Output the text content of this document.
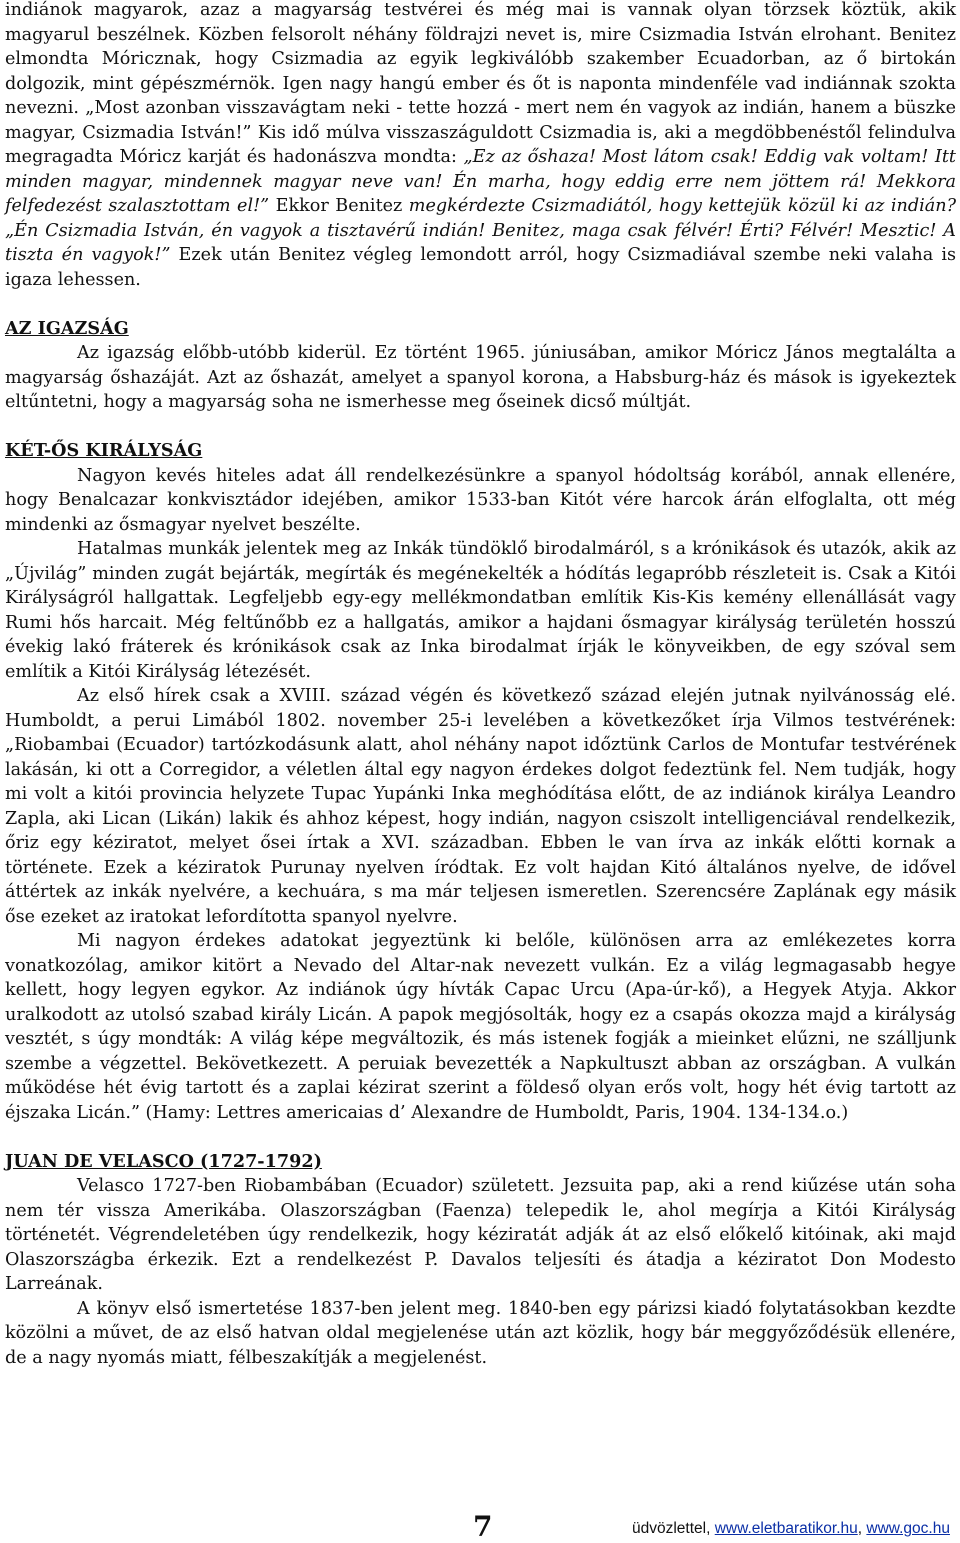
indiánok magyarok, azaz a magyarság testvérei és még mai is vannak olyan törzsek köztük, akik magyarul beszélnek. Közben felsorolt néhány földrajzi nevet is, mire Csizmadia István elrohant. Benitez elmondta Móricznak, hogy Csizmadia az egyik legkiválóbb szakember Ecuadorban, az ő birtokán dolgozik, mint gépészmérnök. Igen nagy hangú ember és őt is naponta mindenféle vad indiánnak szokta nevezni. „Most azonban visszavágtam neki - tette hozzá - mert nem én vagyok az indián, hanem a büszke magyar, Csizmadia István!” Kis idő múlva visszaszáguldott Csizmadia is, aki a megdöbbenéstől felindulva megragadta Móricz karját és hadonászva mondta: „Ez az őshaza! Most látom csak! Eddig vak voltam! Itt minden magyar, mindennek magyar neve van! Én marha, hogy eddig erre nem jöttem rá! Mekkora felfedezést szalasztottam el!” Ekkor Benitez megkérdezte Csizmadiától, hogy kettejük közül ki az indián? „Én Csizmadia István, én vagyok a tisztavérű indián! Benitez, maga csak félvér! Érti? Félvér! Mesztic! A tiszta én vagyok!” Ezek után Benitez végleg lemondott arról, hogy Csizmadiával szembe neki valaha is igaza lehessen.

AZ IGAZSÁG

Az igazság előbb-utóbb kiderül. Ez történt 1965. júniusában, amikor Móricz János megtalálta a magyarság őshazáját. Azt az őshazát, amelyet a spanyol korona, a Habsburg-ház és mások is igyekeztek eltűntetni, hogy a magyarság soha ne ismerhesse meg őseinek dicső múltját.

KÉT-ŐS KIRÁLYSÁG

Nagyon kevés hiteles adat áll rendelkezésünkre a spanyol hódoltság korából, annak ellenére, hogy Benalcazar konkvisztádor idejében, amikor 1533-ban Kitót vére harcok árán elfoglalta, ott még mindenki az ősmagyar nyelvet beszélte.

Hatalmas munkák jelentek meg az Inkák tündöklő birodalmáról, s a krónikások és utazók, akik az „Újvilág” minden zugát bejárták, megírták és megénekelték a hódítás legapróbb részleteit is. Csak a Kitói Királyságról hallgattak. Legfeljebb egy-egy mellékmondatban említik Kis-Kis kemény ellenállását vagy Rumi hős harcait. Még feltűnőbb ez a hallgatás, amikor a hajdani ősmagyar királyság területén hosszú évekig lakó fráterek és krónikások csak az Inka birodalmat írják le könyveikben, de egy szóval sem említik a Kitói Királyság létezését.

Az első hírek csak a XVIII. század végén és következő század elején jutnak nyilvánosság elé. Humboldt, a perui Limából 1802. november 25-i levelében a következőket írja Vilmos testvérének: „Riobambai (Ecuador) tartózkodásunk alatt, ahol néhány napot időztünk Carlos de Montufar testvérének lakásán, ki ott a Corregidor, a véletlen által egy nagyon érdekes dolgot fedeztünk fel. Nem tudják, hogy mi volt a kitói provincia helyzete Tupac Yupánki Inka meghódítása előtt, de az indiánok királya Leandro Zapla, aki Lican (Likán) lakik és ahhoz képest, hogy indián, nagyon csiszolt intelligenciával rendelkezik, őriz egy kéziratot, melyet ősei írtak a XVI. században. Ebben le van írva az inkák előtti kornak a története. Ezek a kéziratok Purunay nyelven íródtak. Ez volt hajdan Kitó általános nyelve, de idővel áttértek az inkák nyelvére, a kechuára, s ma már teljesen ismeretlen. Szerencsére Zaplának egy másik őse ezeket az iratokat lefordította spanyol nyelvre.

Mi nagyon érdekes adatokat jegyeztünk ki belőle, különösen arra az emlékezetes korra vonatkozólag, amikor kitört a Nevado del Altar-nak nevezett vulkán. Ez a világ legmagasabb hegye kellett, hogy legyen egykor. Az indiánok úgy hívták Capac Urcu (Apa-úr-kő), a Hegyek Atyja. Akkor uralkodott az utolsó szabad király Licán. A papok megjósolták, hogy ez a csapás okozza majd a királyság vesztét, s úgy mondták: A világ képe megváltozik, és más istenek fogják a mieinket elűzni, ne szálljunk szembe a végzettel. Bekövetkezett. A peruiak bevezették a Napkultuszt abban az országban. A vulkán működése hét évig tartott és a zaplai kézirat szerint a földeső olyan erős volt, hogy hét évig tartott az éjszaka Licán.” (Hamy: Lettres americaias d’ Alexandre de Humboldt, Paris, 1904. 134-134.o.)

JUAN DE VELASCO (1727-1792)

Velasco 1727-ben Riobambában (Ecuador) született. Jezsuita pap, aki a rend kiűzése után soha nem tér vissza Amerikába. Olaszországban (Faenza) telepedik le, ahol megírja a Kitói Királyság történetét. Végrendeletében úgy rendelkezik, hogy kéziratát adják át az első előkelő kitóinak, aki majd Olaszországba érkezik. Ezt a rendelkezést P. Davalos teljesíti és átadja a kéziratot Don Modesto Larreának.

A könyv első ismertetése 1837-ben jelent meg. 1840-ben egy párizsi kiadó folytatásokban kezdte közölni a művet, de az első hatvan oldal megjelenése után azt közlik, hogy bár meggyőződésük ellenére, de a nagy nyomás miatt, félbeszakítják a megjelenést.

7	üdvözlettel, www.eletbaratikor.hu, www.goc.hu
